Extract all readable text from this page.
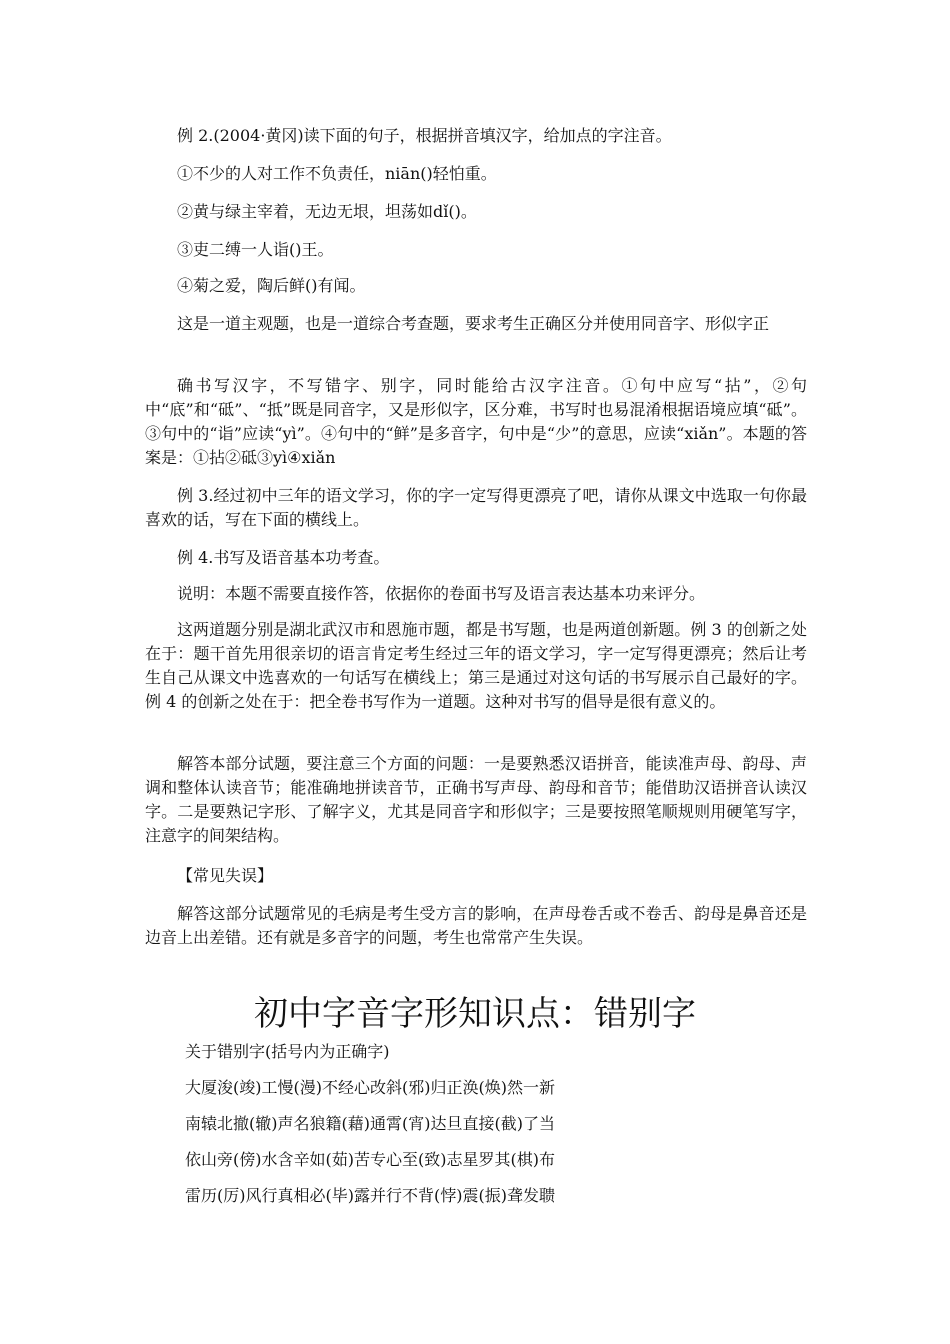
例 2.(2004·黄冈)读下面的句子，根据拼音填汉字，给加点的字注音。

①不少的人对工作不负责任，niān()轻怕重。

②黄与绿主宰着，无边无垠，坦荡如dǐ()。

③吏二缚一人诣()王。

④菊之爱，陶后鲜()有闻。

这是一道主观题，也是一道综合考查题，要求考生正确区分并使用同音字、形似字正

确书写汉字，不写错字、别字，同时能给古汉字注音。①句中应写“拈”，②句中“底”和“砥”、“抵”既是同音字，又是形似字，区分难，书写时也易混淆根据语境应填“砥”。③句中的“诣”应读“yì”。④句中的“鲜”是多音字，句中是“少”的意思，应读“xiǎn”。本题的答案是：①拈②砥③yì④xiǎn

例 3.经过初中三年的语文学习，你的字一定写得更漂亮了吧，请你从课文中选取一句你最喜欢的话，写在下面的横线上。

例 4.书写及语音基本功考查。

说明：本题不需要直接作答，依据你的卷面书写及语言表达基本功来评分。

这两道题分别是湖北武汉市和恩施市题，都是书写题，也是两道创新题。例 3 的创新之处在于：题干首先用很亲切的语言肯定考生经过三年的语文学习，字一定写得更漂亮；然后让考生自己从课文中选喜欢的一句话写在横线上；第三是通过对这句话的书写展示自己最好的字。例 4 的创新之处在于：把全卷书写作为一道题。这种对书写的倡导是很有意义的。

解答本部分试题，要注意三个方面的问题：一是要熟悉汉语拼音，能读准声母、韵母、声调和整体认读音节；能准确地拼读音节，正确书写声母、韵母和音节；能借助汉语拼音认读汉字。二是要熟记字形、了解字义，尤其是同音字和形似字；三是要按照笔顺规则用硬笔写字，注意字的间架结构。

【常见失误】

解答这部分试题常见的毛病是考生受方言的影响，在声母卷舌或不卷舌、韵母是鼻音还是边音上出差错。还有就是多音字的问题，考生也常常产生失误。

初中字音字形知识点：错别字

关于错别字(括号内为正确字)

大厦浚(竣)工慢(漫)不经心改斜(邪)归正涣(焕)然一新

南辕北撤(辙)声名狼籍(藉)通霄(宵)达旦直接(截)了当

依山旁(傍)水含辛如(茹)苦专心至(致)志星罗其(棋)布

雷历(厉)风行真相必(毕)露并行不背(悖)震(振)聋发聩
